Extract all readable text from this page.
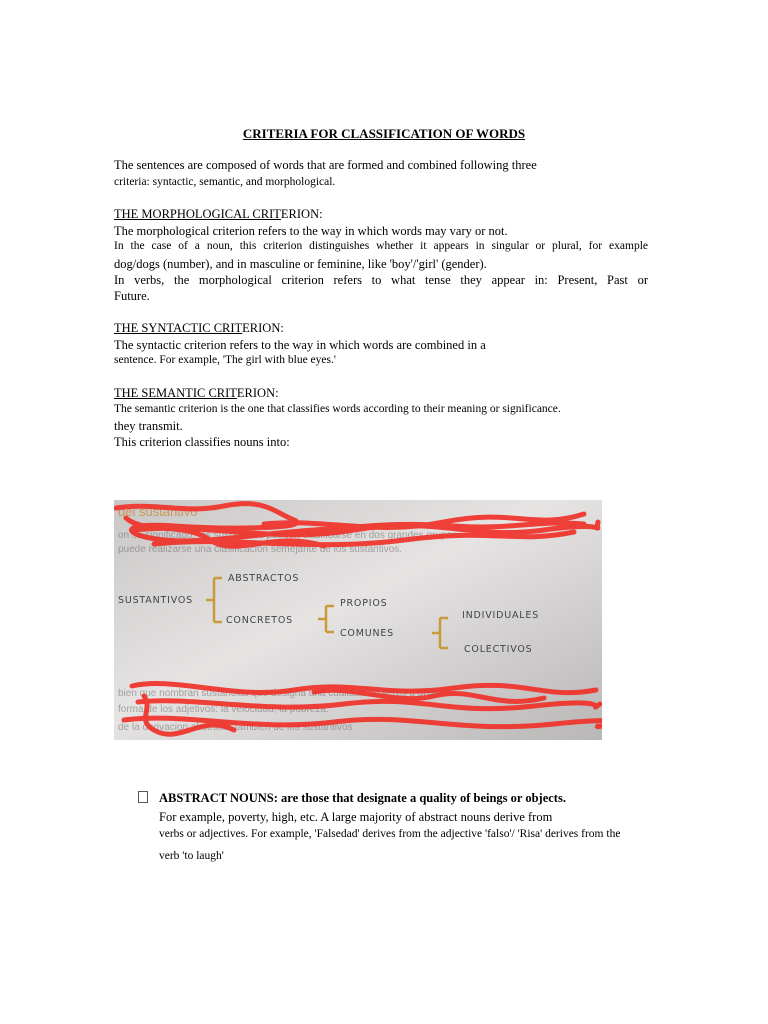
CRITERIA FOR CLASSIFICATION OF WORDS
The sentences are composed of words that are formed and combined following three
criteria: syntactic, semantic, and morphological.
THE MORPHOLOGICAL CRITERION:
The morphological criterion refers to the way in which words may vary or not.
In the case of a noun, this criterion distinguishes whether it appears in singular or plural, for example
dog/dogs (number), and in masculine or feminine, like 'boy'/'girl' (gender).
In verbs, the morphological criterion refers to what tense they appear in: Present, Past or
Future.
THE SYNTACTIC CRITERION:
The syntactic criterion refers to the way in which words are combined in a
sentence. For example, 'The girl with blue eyes.'
THE SEMANTIC CRITERION:
The semantic criterion is the one that classifies words according to their meaning or significance.
they transmit.
This criterion classifies nouns into:
on su significado, los sustantivos pueden clasificarse en dos grandes grupos
puede realizarse una clasificación semejante de los sustantivos.
bien que nombran sustancias que designa una cualidad de seres u objetos
forma de los adjetivos: la velocidad, la pobreza.
de la derivacion abstracta tambien de los sustantivos
del sustantivo
SUSTANTIVOS
ABSTRACTOS
CONCRETOS
PROPIOS
COMUNES
INDIVIDUALES
COLECTIVOS
ABSTRACT NOUNS: are those that designate a quality of beings or objects.
For example, poverty, high, etc. A large majority of abstract nouns derive from
verbs or adjectives. For example, 'Falsedad' derives from the adjective 'falso'/ 'Risa' derives from the
verb 'to laugh'
